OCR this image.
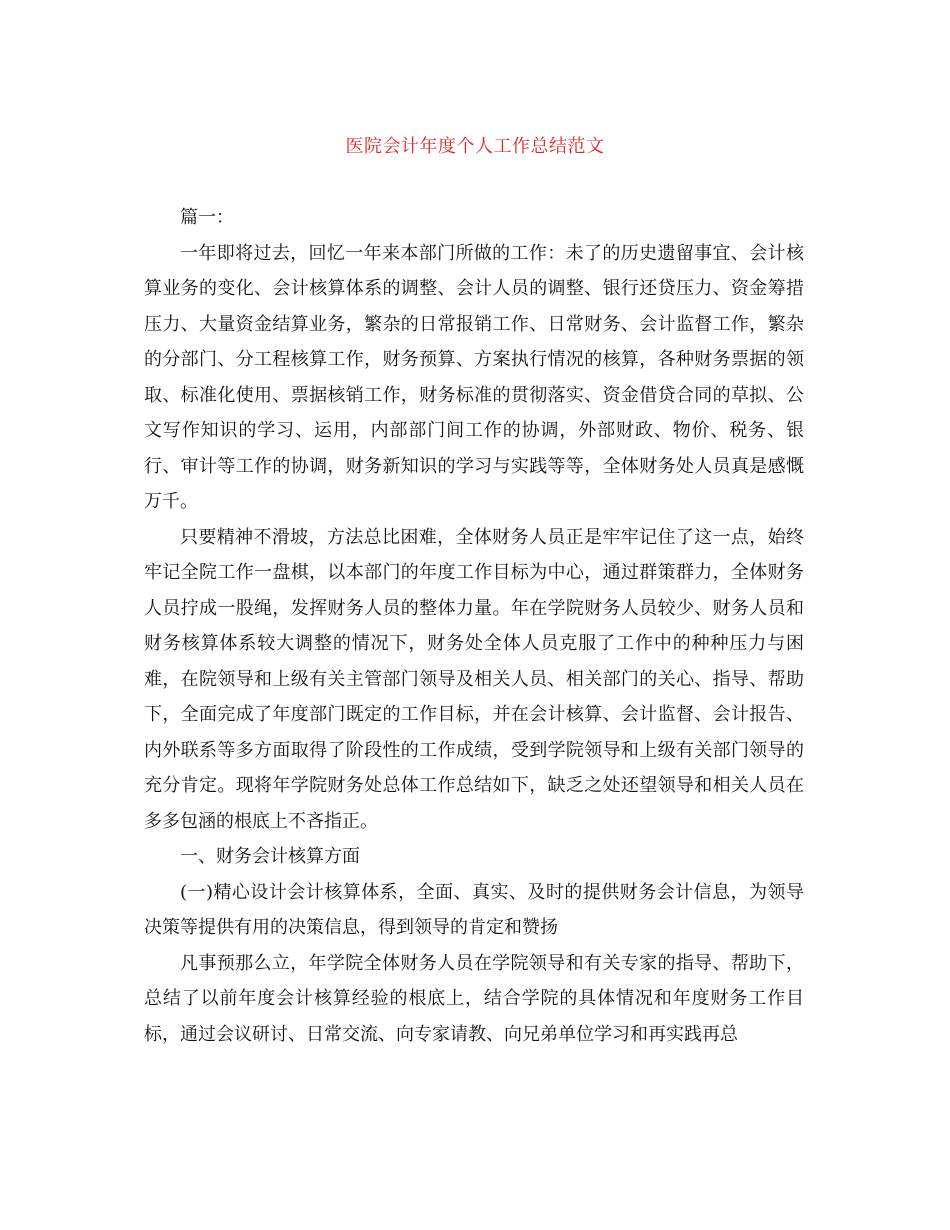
医院会计年度个人工作总结范文

篇一：

一年即将过去，回忆一年来本部门所做的工作：未了的历史遗留事宜、会计核算业务的变化、会计核算体系的调整、会计人员的调整、银行还贷压力、资金筹措压力、大量资金结算业务，繁杂的日常报销工作、日常财务、会计监督工作，繁杂的分部门、分工程核算工作，财务预算、方案执行情况的核算，各种财务票据的领取、标准化使用、票据核销工作，财务标准的贯彻落实、资金借贷合同的草拟、公文写作知识的学习、运用，内部部门间工作的协调，外部财政、物价、税务、银行、审计等工作的协调，财务新知识的学习与实践等等，全体财务处人员真是感慨万千。

只要精神不滑坡，方法总比困难，全体财务人员正是牢牢记住了这一点，始终牢记全院工作一盘棋，以本部门的年度工作目标为中心，通过群策群力，全体财务人员拧成一股绳，发挥财务人员的整体力量。年在学院财务人员较少、财务人员和财务核算体系较大调整的情况下，财务处全体人员克服了工作中的种种压力与困难，在院领导和上级有关主管部门领导及相关人员、相关部门的关心、指导、帮助下，全面完成了年度部门既定的工作目标，并在会计核算、会计监督、会计报告、内外联系等多方面取得了阶段性的工作成绩，受到学院领导和上级有关部门领导的充分肯定。现将年学院财务处总体工作总结如下，缺乏之处还望领导和相关人员在多多包涵的根底上不吝指正。

一、财务会计核算方面

(一)精心设计会计核算体系，全面、真实、及时的提供财务会计信息，为领导决策等提供有用的决策信息，得到领导的肯定和赞扬

凡事预那么立，年学院全体财务人员在学院领导和有关专家的指导、帮助下，总结了以前年度会计核算经验的根底上，结合学院的具体情况和年度财务工作目标，通过会议研讨、日常交流、向专家请教、向兄弟单位学习和再实践再总
